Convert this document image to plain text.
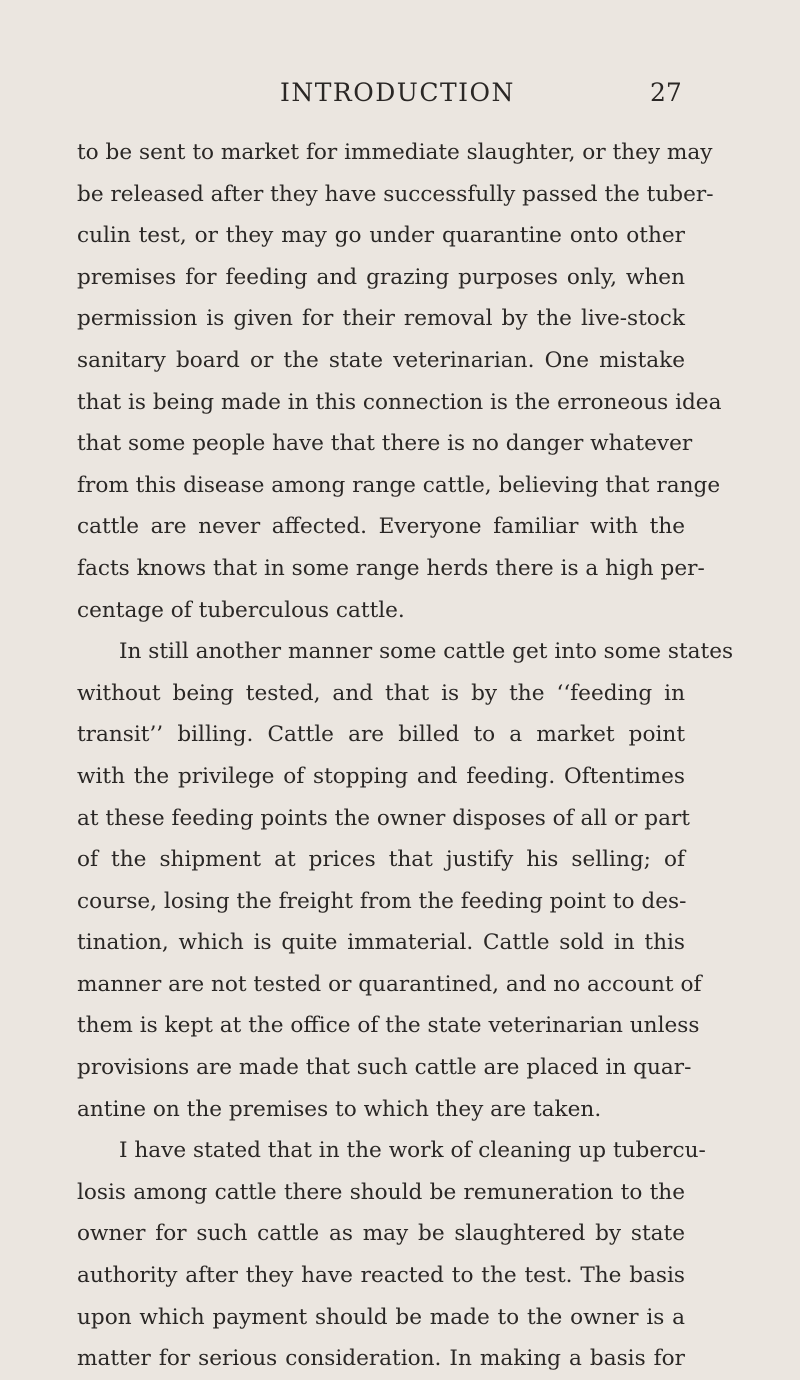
INTRODUCTION	27
to be sent to market for immediate slaughter, or they may
be released after they have successfully passed the tuber-
culin test, or they may go under quarantine onto other
premises for feeding and grazing purposes only, when
permission is given for their removal by the live-stock
sanitary board or the state veterinarian. One mistake
that is being made in this connection is the erroneous idea
that some people have that there is no danger whatever
from this disease among range cattle, believing that range
cattle are never affected. Everyone familiar with the
facts knows that in some range herds there is a high per-
centage of tuberculous cattle.
In still another manner some cattle get into some states
without being tested, and that is by the ‘‘feeding in
transit’’ billing. Cattle are billed to a market point
with the privilege of stopping and feeding. Oftentimes
at these feeding points the owner disposes of all or part
of the shipment at prices that justify his selling; of
course, losing the freight from the feeding point to des-
tination, which is quite immaterial. Cattle sold in this
manner are not tested or quarantined, and no account of
them is kept at the office of the state veterinarian unless
provisions are made that such cattle are placed in quar-
antine on the premises to which they are taken.
I have stated that in the work of cleaning up tubercu-
losis among cattle there should be remuneration to the
owner for such cattle as may be slaughtered by state
authority after they have reacted to the test. The basis
upon which payment should be made to the owner is a
matter for serious consideration. In making a basis for
